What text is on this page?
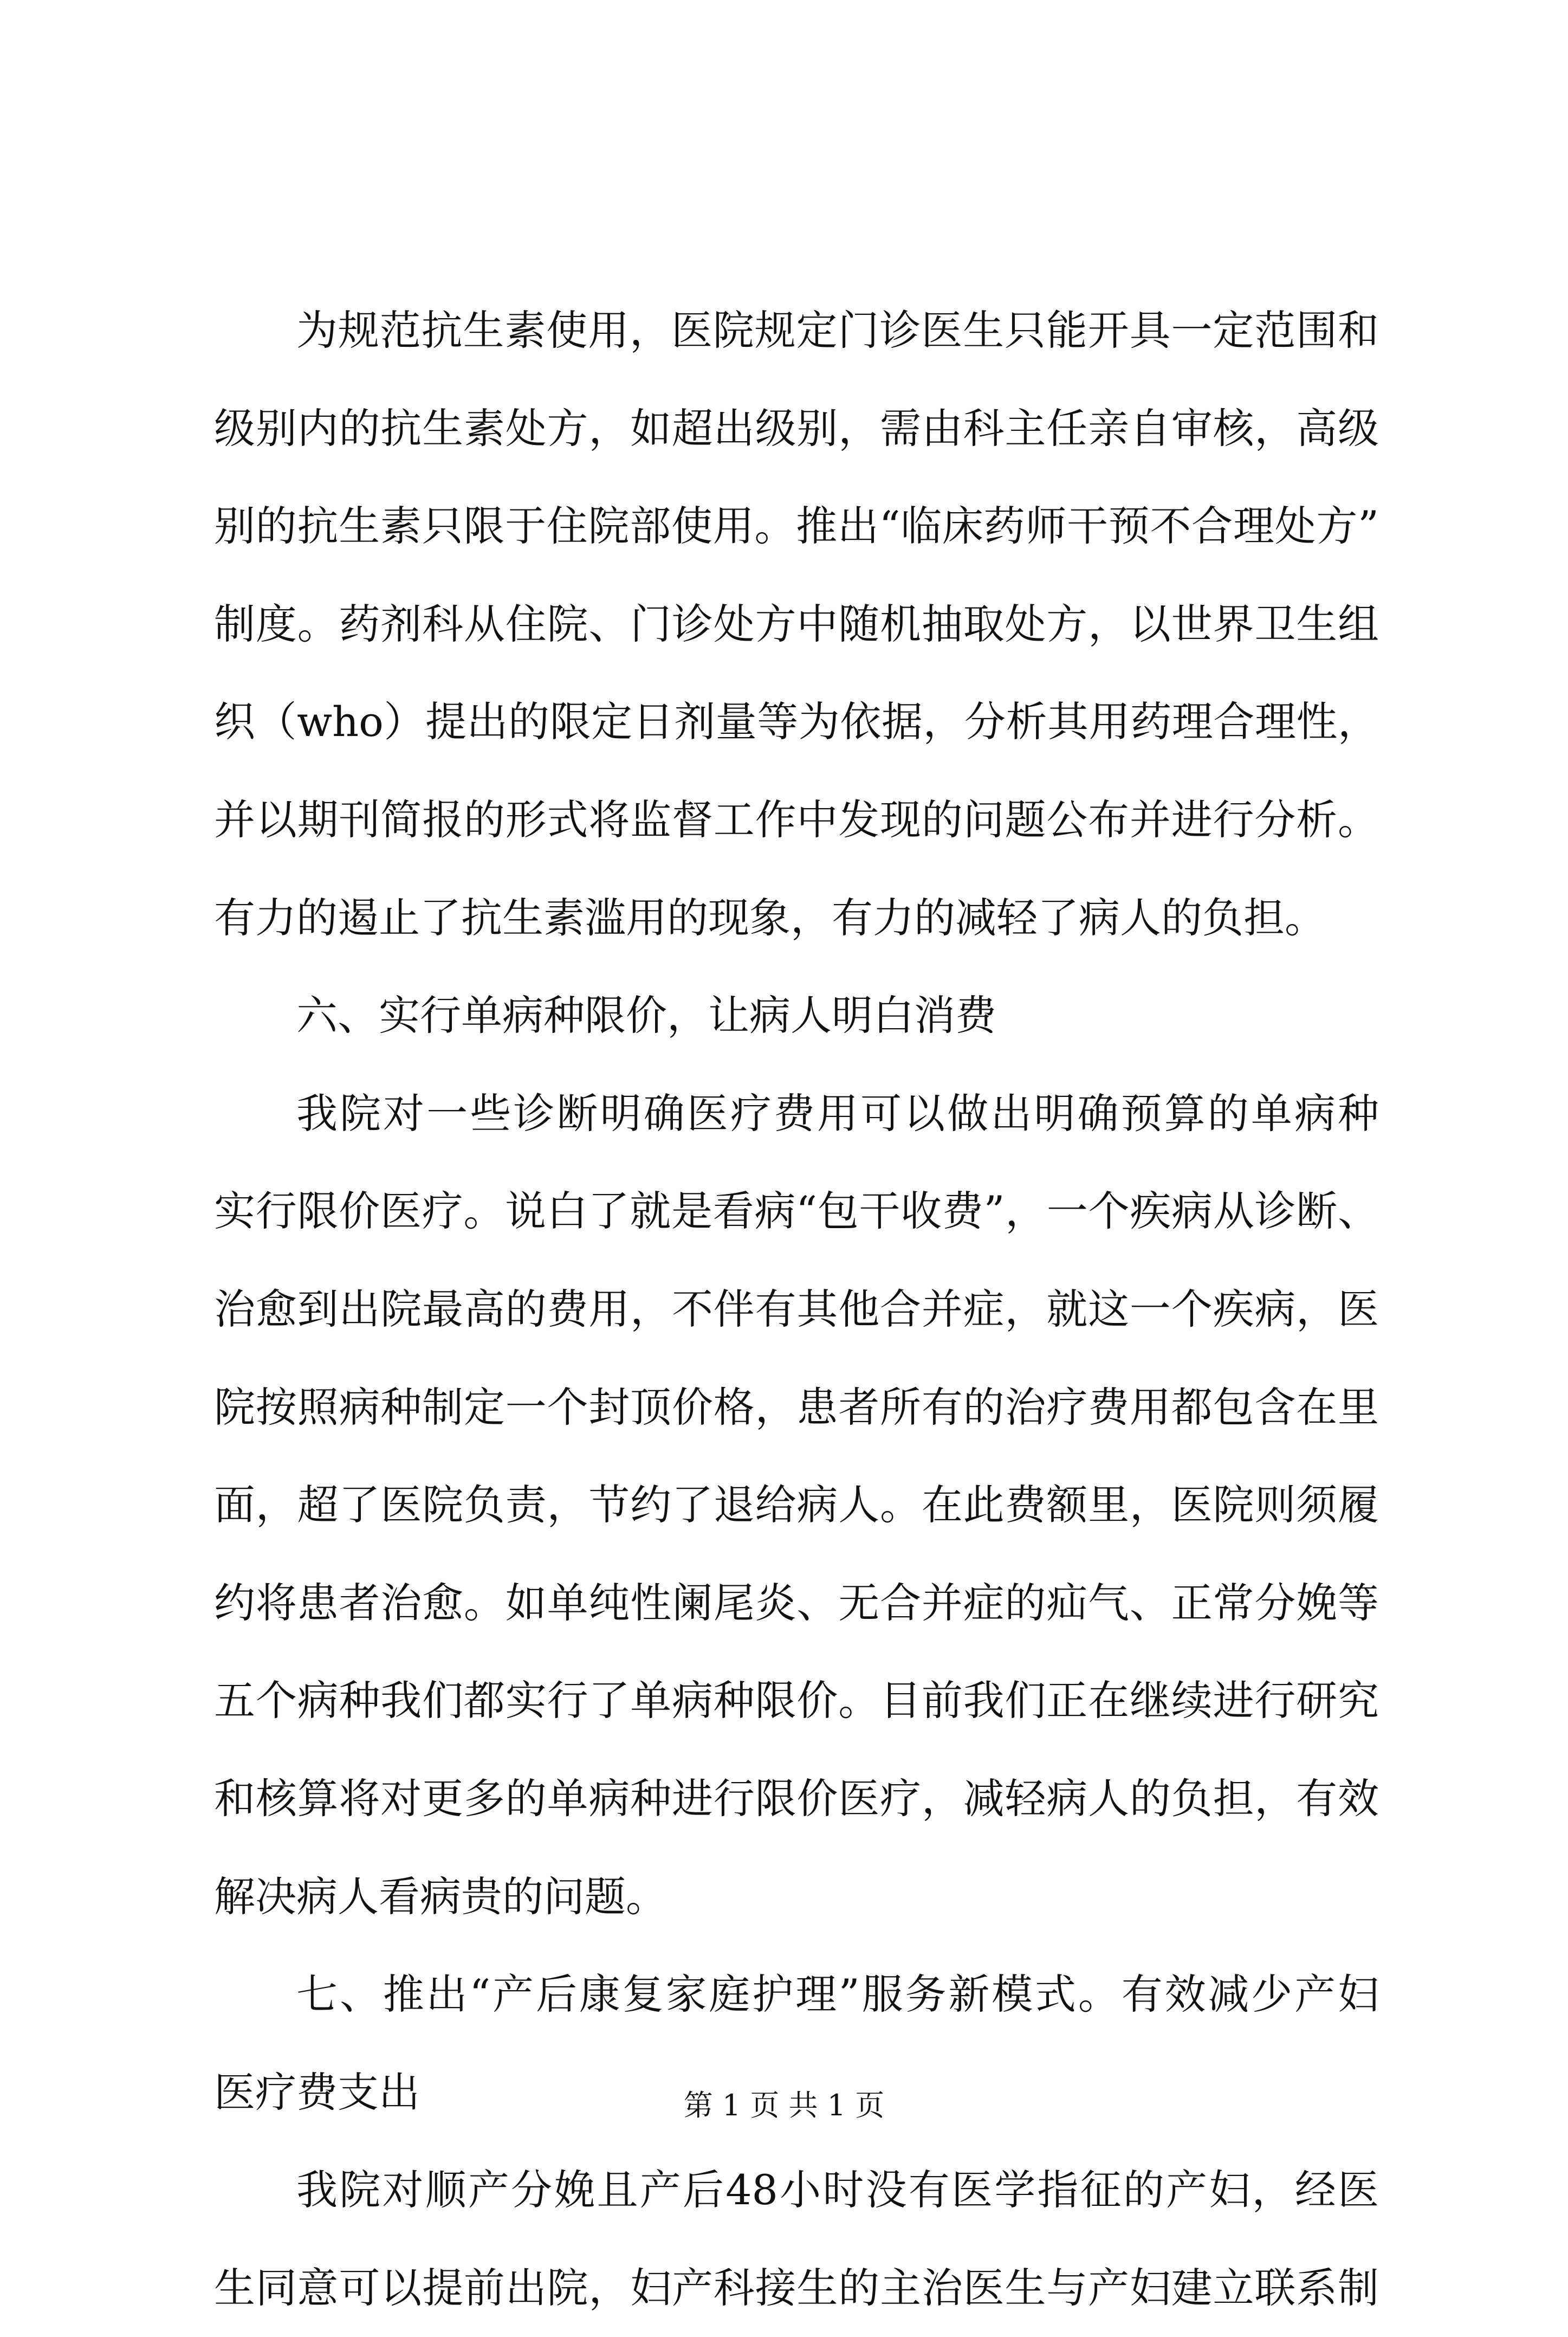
为规范抗生素使用，医院规定门诊医生只能开具一定范围和
级别内的抗生素处方，如超出级别，需由科主任亲自审核，高级
别的抗生素只限于住院部使用。推出“临床药师干预不合理处方”
制度。药剂科从住院、门诊处方中随机抽取处方，以世界卫生组
织（who）提出的限定日剂量等为依据，分析其用药理合理性，
并以期刊简报的形式将监督工作中发现的问题公布并进行分析。
有力的遏止了抗生素滥用的现象，有力的减轻了病人的负担。
六、实行单病种限价，让病人明白消费
我院对一些诊断明确医疗费用可以做出明确预算的单病种
实行限价医疗。说白了就是看病“包干收费”，一个疾病从诊断、
治愈到出院最高的费用，不伴有其他合并症，就这一个疾病，医
院按照病种制定一个封顶价格，患者所有的治疗费用都包含在里
面，超了医院负责，节约了退给病人。在此费额里，医院则须履
约将患者治愈。如单纯性阑尾炎、无合并症的疝气、正常分娩等
五个病种我们都实行了单病种限价。目前我们正在继续进行研究
和核算将对更多的单病种进行限价医疗，减轻病人的负担，有效
解决病人看病贵的问题。
七、推出“产后康复家庭护理”服务新模式。有效减少产妇
医疗费支出
我院对顺产分娩且产后48小时没有医学指征的产妇，经医
生同意可以提前出院，妇产科接生的主治医生与产妇建立联系制
第 1 页 共 1 页
